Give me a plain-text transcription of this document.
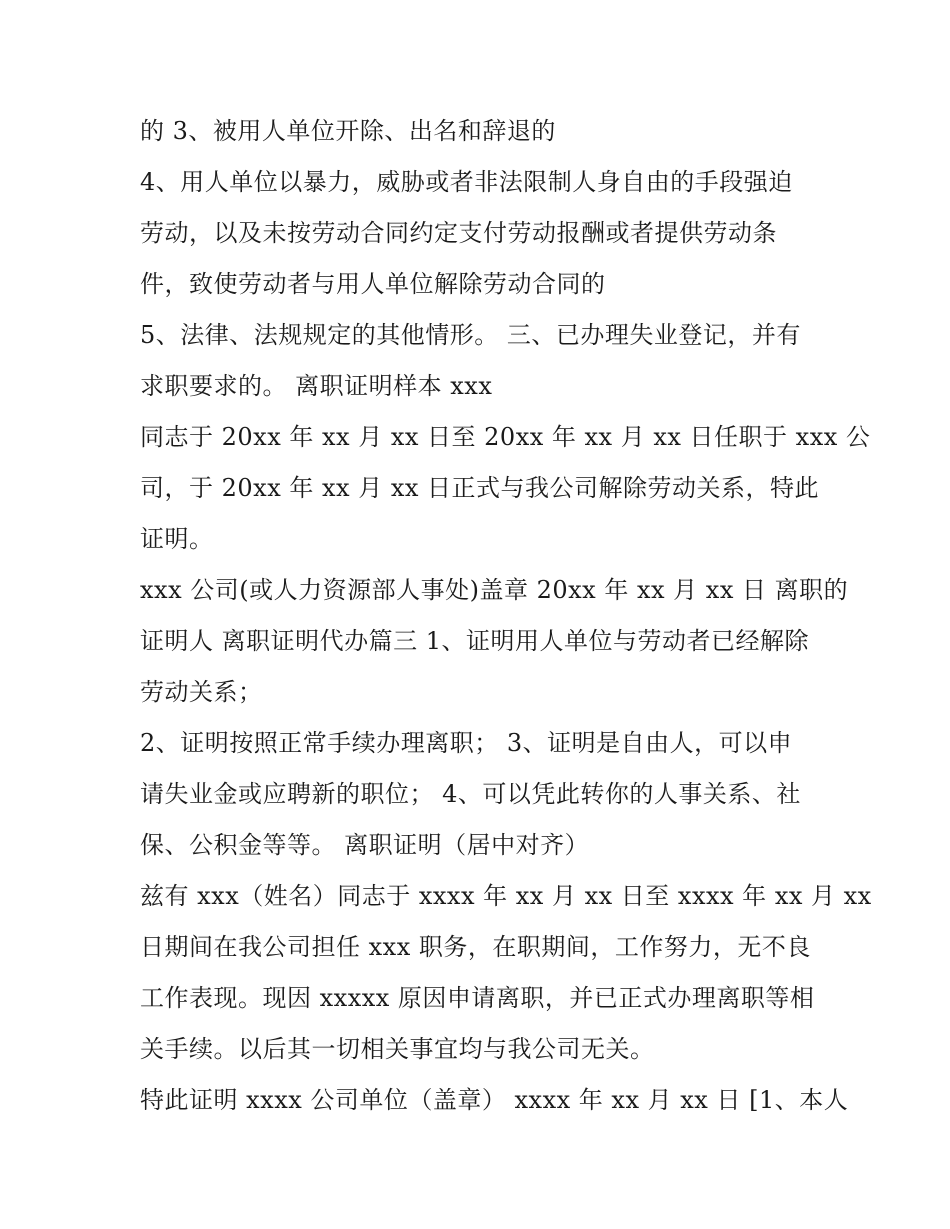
的 3、被用人单位开除、出名和辞退的
4、用人单位以暴力，威胁或者非法限制人身自由的手段强迫
劳动，以及未按劳动合同约定支付劳动报酬或者提供劳动条
件，致使劳动者与用人单位解除劳动合同的
5、法律、法规规定的其他情形。 三、已办理失业登记，并有
求职要求的。 离职证明样本 xxx
同志于 20xx 年 xx 月 xx 日至 20xx 年 xx 月 xx 日任职于 xxx 公
司，于 20xx 年 xx 月 xx 日正式与我公司解除劳动关系，特此
证明。
xxx 公司(或人力资源部人事处)盖章 20xx 年 xx 月 xx 日 离职的
证明人 离职证明代办篇三 1、证明用人单位与劳动者已经解除
劳动关系；
2、证明按照正常手续办理离职； 3、证明是自由人，可以申
请失业金或应聘新的职位； 4、可以凭此转你的人事关系、社
保、公积金等等。 离职证明（居中对齐）
兹有 xxx（姓名）同志于 xxxx 年 xx 月 xx 日至 xxxx 年 xx 月 xx
日期间在我公司担任 xxx 职务，在职期间，工作努力，无不良
工作表现。现因 xxxxx 原因申请离职，并已正式办理离职等相
关手续。以后其一切相关事宜均与我公司无关。
特此证明 xxxx 公司单位（盖章） xxxx 年 xx 月 xx 日 [1、本人
